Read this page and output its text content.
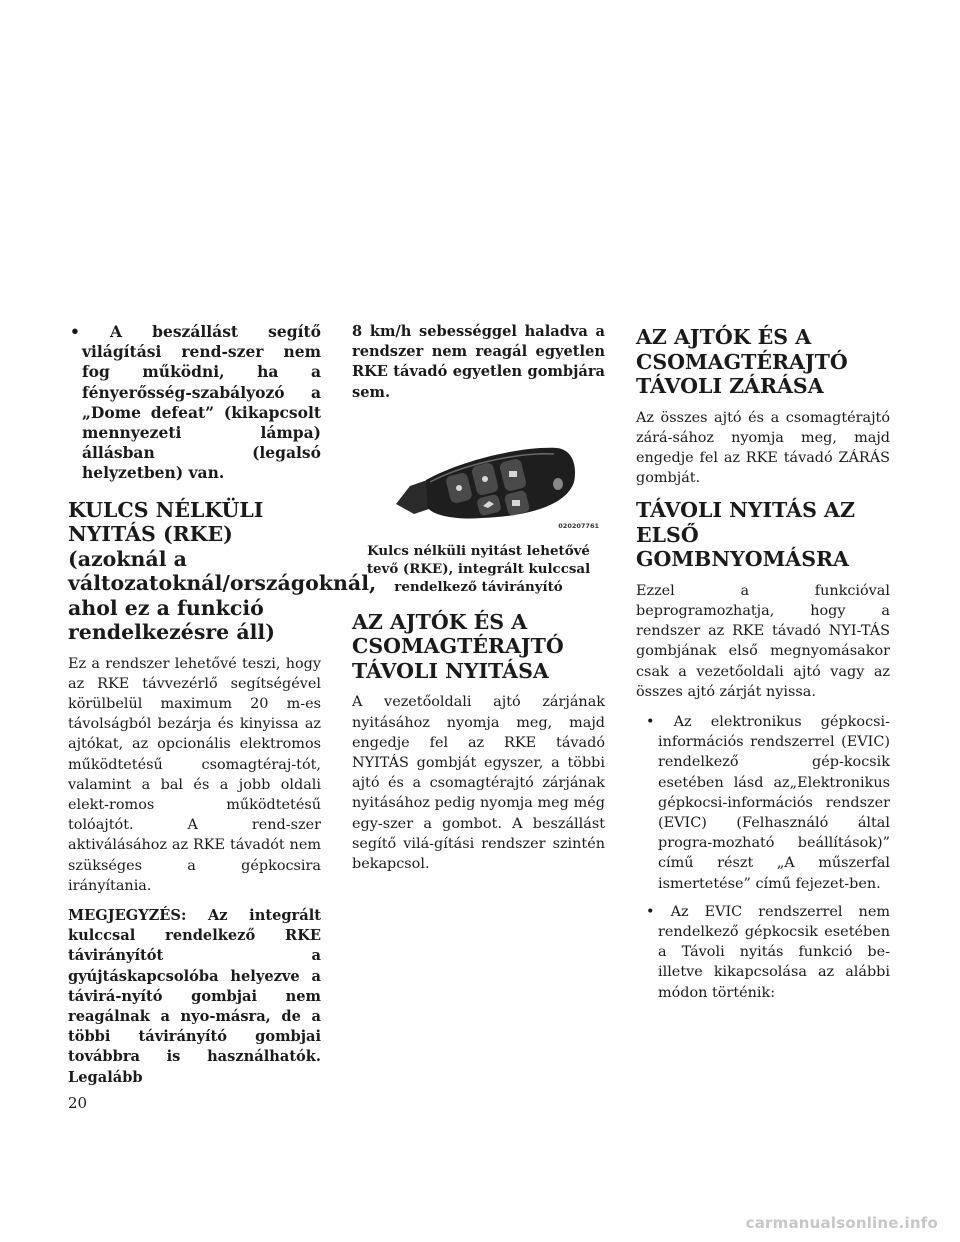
• A beszállást segítő világítási rend-szer nem fog működni, ha a fényerősség-szabályozó a „Dome defeat” (kikapcsolt mennyezeti lámpa) állásban (legalsó helyzetben) van.
KULCS NÉLKÜLI NYITÁS (RKE) (azoknál a változatoknál/országoknál, ahol ez a funkció rendelkezésre áll)

Ez a rendszer lehetővé teszi, hogy az RKE távvezérlő segítségével körülbelül maximum 20 m-es távolságból bezárja és kinyissa az ajtókat, az opcionális elektromos működtetésű csomagtéraj-tót, valamint a bal és a jobb oldali elekt-romos működtetésű tolóajtót. A rend-szer aktiválásához az RKE távadót nem szükséges a gépkocsira irányítania.

MEGJEGYZÉS: Az integrált kulccsal rendelkező RKE távirányítót a gyújtáskapcsolóba helyezve a távirá-nyító gombjai nem reagálnak a nyo-másra, de a többi távirányító gombjai továbbra is használhatók. Legalább

8 km/h sebességgel haladva a rendszer nem reagál egyetlen RKE távadó egyetlen gombjára sem.

020207761

Kulcs nélküli nyitást lehetővé tevő (RKE), integrált kulccsal rendelkező távirányító

AZ AJTÓK ÉS A CSOMAGTÉRAJTÓ TÁVOLI NYITÁSA

A vezetőoldali ajtó zárjának nyitásához nyomja meg, majd engedje fel az RKE távadó NYITÁS gombját egyszer, a többi ajtó és a csomagtérajtó zárjának nyitásához pedig nyomja meg még egy-szer a gombot. A beszállást segítő vilá-gítási rendszer szintén bekapcsol.

AZ AJTÓK ÉS A CSOMAGTÉRAJTÓ TÁVOLI ZÁRÁSA

Az összes ajtó és a csomagtérajtó zárá-sához nyomja meg, majd engedje fel az RKE távadó ZÁRÁS gombját.

TÁVOLI NYITÁS AZ ELSŐ GOMBNYOMÁSRA

Ezzel a funkcióval beprogramozhatja, hogy a rendszer az RKE távadó NYI-TÁS gombjának első megnyomásakor csak a vezetőoldali ajtó vagy az összes ajtó zárját nyissa.

• Az elektronikus gépkocsi-információs rendszerrel (EVIC) rendelkező gép-kocsik esetében lásd az„Elektronikus gépkocsi-információs rendszer (EVIC) (Felhasználó által progra-mozható beállítások)” című részt „A műszerfal ismertetése” című fejezet-ben.
• Az EVIC rendszerrel nem rendelkező gépkocsik esetében a Távoli nyitás funkció be- illetve kikapcsolása az alábbi módon történik:
20
carmanualsonline.info
